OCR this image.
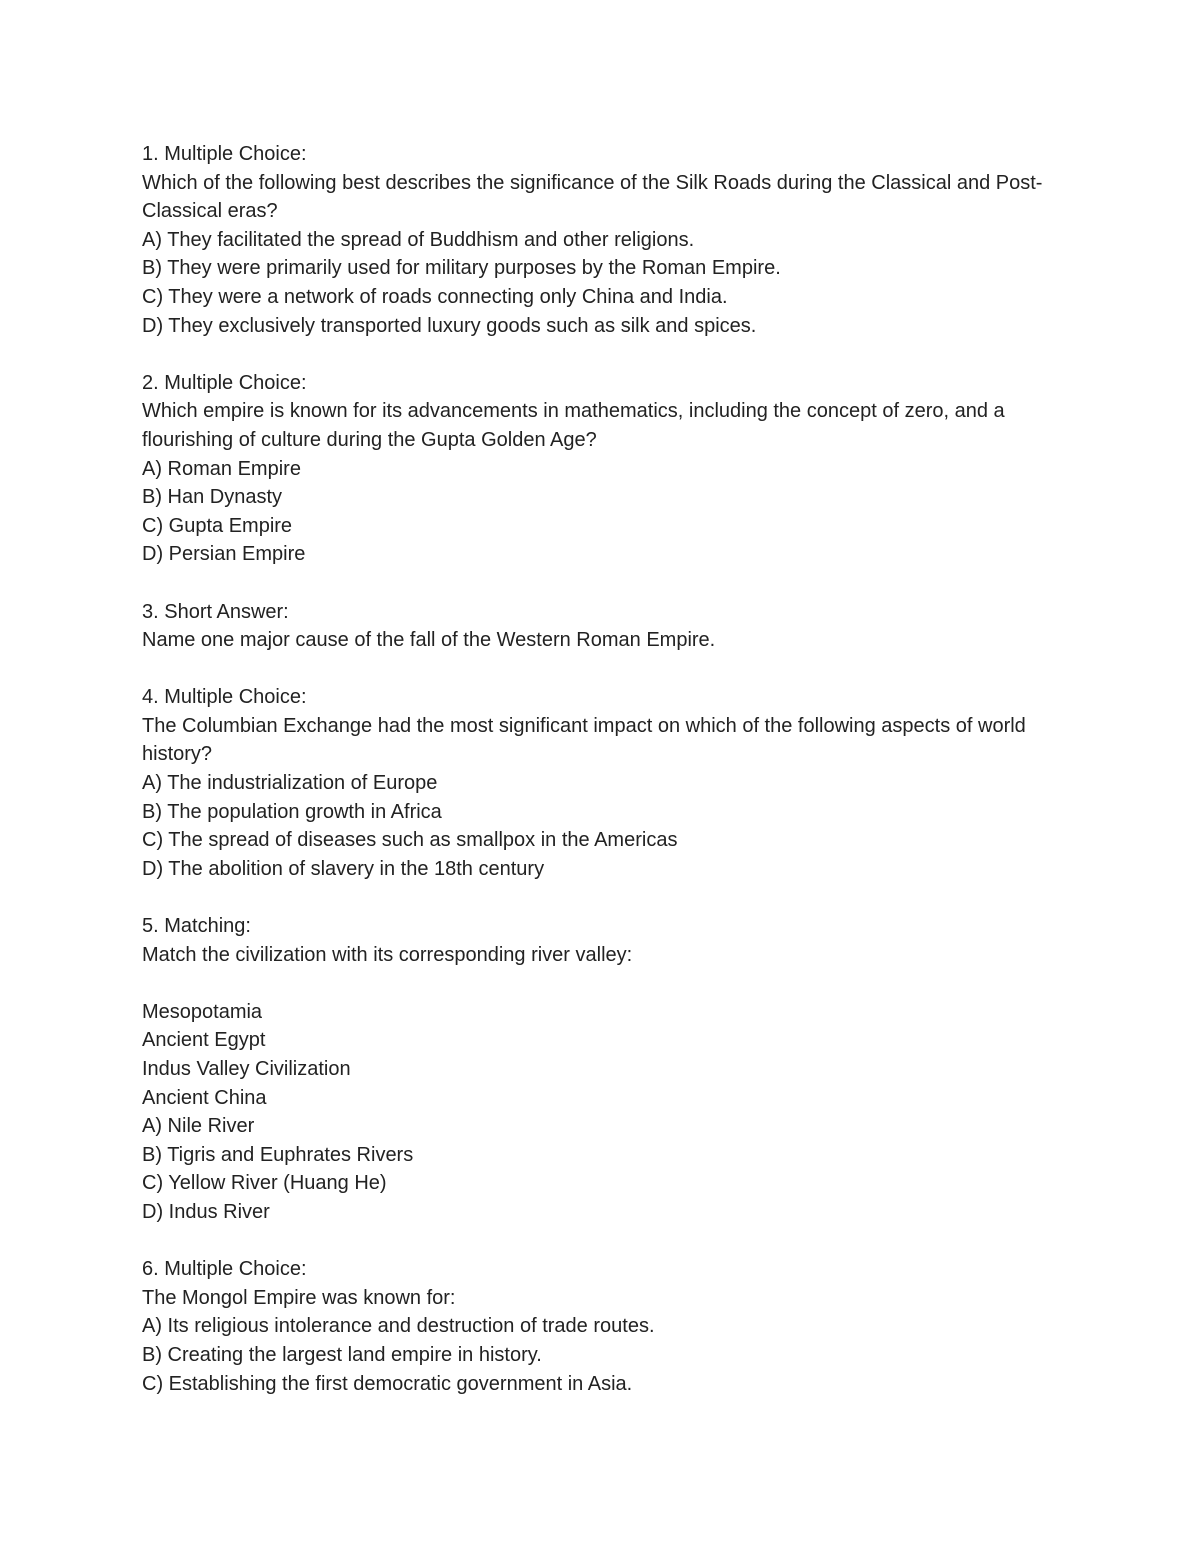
1. Multiple Choice:
Which of the following best describes the significance of the Silk Roads during the Classical and Post-Classical eras?
A) They facilitated the spread of Buddhism and other religions.
B) They were primarily used for military purposes by the Roman Empire.
C) They were a network of roads connecting only China and India.
D) They exclusively transported luxury goods such as silk and spices.
2. Multiple Choice:
Which empire is known for its advancements in mathematics, including the concept of zero, and a flourishing of culture during the Gupta Golden Age?
A) Roman Empire
B) Han Dynasty
C) Gupta Empire
D) Persian Empire
3. Short Answer:
Name one major cause of the fall of the Western Roman Empire.
4. Multiple Choice:
The Columbian Exchange had the most significant impact on which of the following aspects of world history?
A) The industrialization of Europe
B) The population growth in Africa
C) The spread of diseases such as smallpox in the Americas
D) The abolition of slavery in the 18th century
5. Matching:
Match the civilization with its corresponding river valley:
Mesopotamia
Ancient Egypt
Indus Valley Civilization
Ancient China
A) Nile River
B) Tigris and Euphrates Rivers
C) Yellow River (Huang He)
D) Indus River
6. Multiple Choice:
The Mongol Empire was known for:
A) Its religious intolerance and destruction of trade routes.
B) Creating the largest land empire in history.
C) Establishing the first democratic government in Asia.
